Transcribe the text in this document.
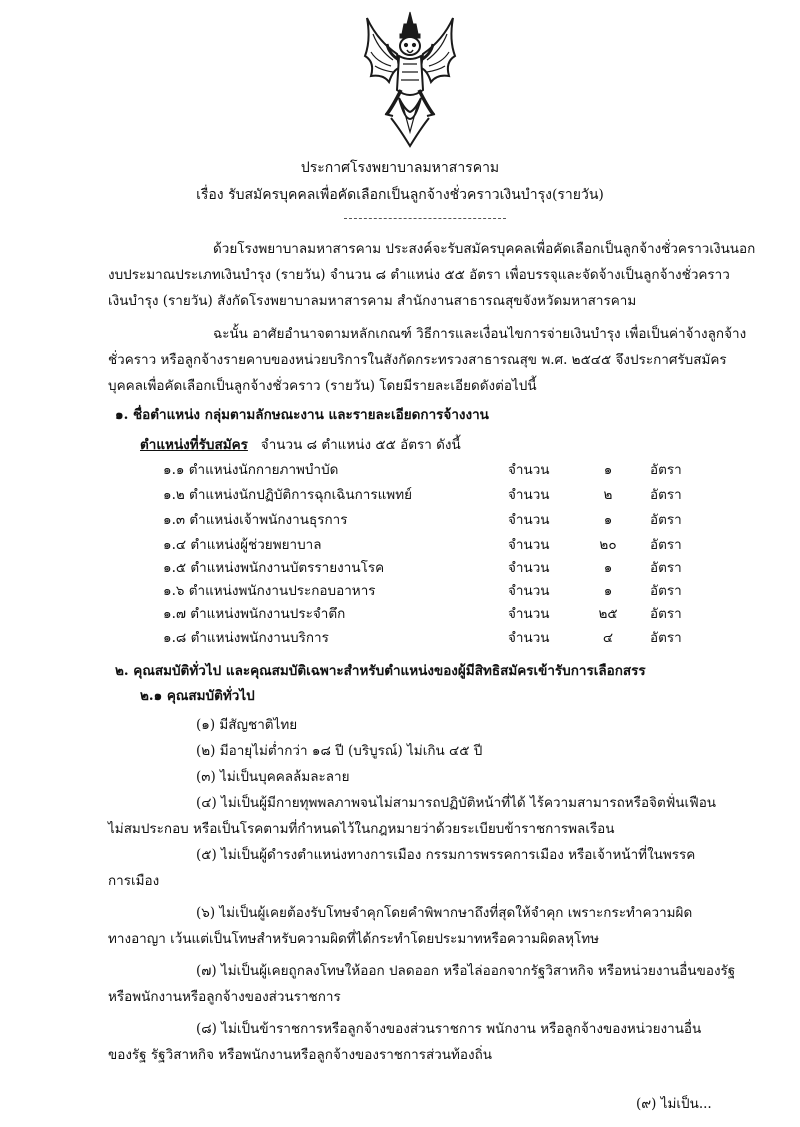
ประกาศโรงพยาบาลมหาสารคาม
เรื่อง รับสมัครบุคคลเพื่อคัดเลือกเป็นลูกจ้างชั่วคราวเงินบำรุง(รายวัน)
ด้วยโรงพยาบาลมหาสารคาม ประสงค์จะรับสมัครบุคคลเพื่อคัดเลือกเป็นลูกจ้างชั่วคราวเงินนอก
งบประมาณประเภทเงินบำรุง (รายวัน) จำนวน ๘ ตำแหน่ง ๕๕ อัตรา เพื่อบรรจุและจัดจ้างเป็นลูกจ้างชั่วคราว
เงินบำรุง (รายวัน) สังกัดโรงพยาบาลมหาสารคาม สำนักงานสาธารณสุขจังหวัดมหาสารคาม
ฉะนั้น อาศัยอำนาจตามหลักเกณฑ์ วิธีการและเงื่อนไขการจ่ายเงินบำรุง เพื่อเป็นค่าจ้างลูกจ้าง
ชั่วคราว หรือลูกจ้างรายคาบของหน่วยบริการในสังกัดกระทรวงสาธารณสุข พ.ศ. ๒๕๔๕ จึงประกาศรับสมัคร
บุคคลเพื่อคัดเลือกเป็นลูกจ้างชั่วคราว (รายวัน) โดยมีรายละเอียดดังต่อไปนี้
๑. ชื่อตำแหน่ง กลุ่มตามลักษณะงาน และรายละเอียดการจ้างงาน
ตำแหน่งที่รับสมัคร จำนวน ๘ ตำแหน่ง ๕๕ อัตรา ดังนี้
๑.๑ ตำแหน่งนักกายภาพบำบัด	จำนวน	๑	อัตรา
๑.๒ ตำแหน่งนักปฏิบัติการฉุกเฉินการแพทย์	จำนวน	๒	อัตรา
๑.๓ ตำแหน่งเจ้าพนักงานธุรการ	จำนวน	๑	อัตรา
๑.๔ ตำแหน่งผู้ช่วยพยาบาล	จำนวน	๒๐	อัตรา
๑.๕ ตำแหน่งพนักงานบัตรรายงานโรค	จำนวน	๑	อัตรา
๑.๖ ตำแหน่งพนักงานประกอบอาหาร	จำนวน	๑	อัตรา
๑.๗ ตำแหน่งพนักงานประจำตึก	จำนวน	๒๕	อัตรา
๑.๘ ตำแหน่งพนักงานบริการ	จำนวน	๔	อัตรา
๒. คุณสมบัติทั่วไป และคุณสมบัติเฉพาะสำหรับตำแหน่งของผู้มีสิทธิสมัครเข้ารับการเลือกสรร
๒.๑ คุณสมบัติทั่วไป
(๑) มีสัญชาติไทย
(๒) มีอายุไม่ต่ำกว่า ๑๘ ปี (บริบูรณ์) ไม่เกิน ๔๕ ปี
(๓) ไม่เป็นบุคคลล้มละลาย
(๔) ไม่เป็นผู้มีกายทุพพลภาพจนไม่สามารถปฏิบัติหน้าที่ได้ ไร้ความสามารถหรือจิตฟั่นเฟือน
ไม่สมประกอบ หรือเป็นโรคตามที่กำหนดไว้ในกฎหมายว่าด้วยระเบียบข้าราชการพลเรือน
(๕) ไม่เป็นผู้ดำรงตำแหน่งทางการเมือง กรรมการพรรคการเมือง หรือเจ้าหน้าที่ในพรรค
การเมือง
(๖) ไม่เป็นผู้เคยต้องรับโทษจำคุกโดยคำพิพากษาถึงที่สุดให้จำคุก เพราะกระทำความผิด
ทางอาญา เว้นแต่เป็นโทษสำหรับความผิดที่ได้กระทำโดยประมาทหรือความผิดลหุโทษ
(๗) ไม่เป็นผู้เคยถูกลงโทษให้ออก ปลดออก หรือไล่ออกจากรัฐวิสาหกิจ หรือหน่วยงานอื่นของรัฐ
หรือพนักงานหรือลูกจ้างของส่วนราชการ
(๘) ไม่เป็นข้าราชการหรือลูกจ้างของส่วนราชการ พนักงาน หรือลูกจ้างของหน่วยงานอื่น
ของรัฐ รัฐวิสาหกิจ หรือพนักงานหรือลูกจ้างของราชการส่วนท้องถิ่น
(๙) ไม่เป็น...
